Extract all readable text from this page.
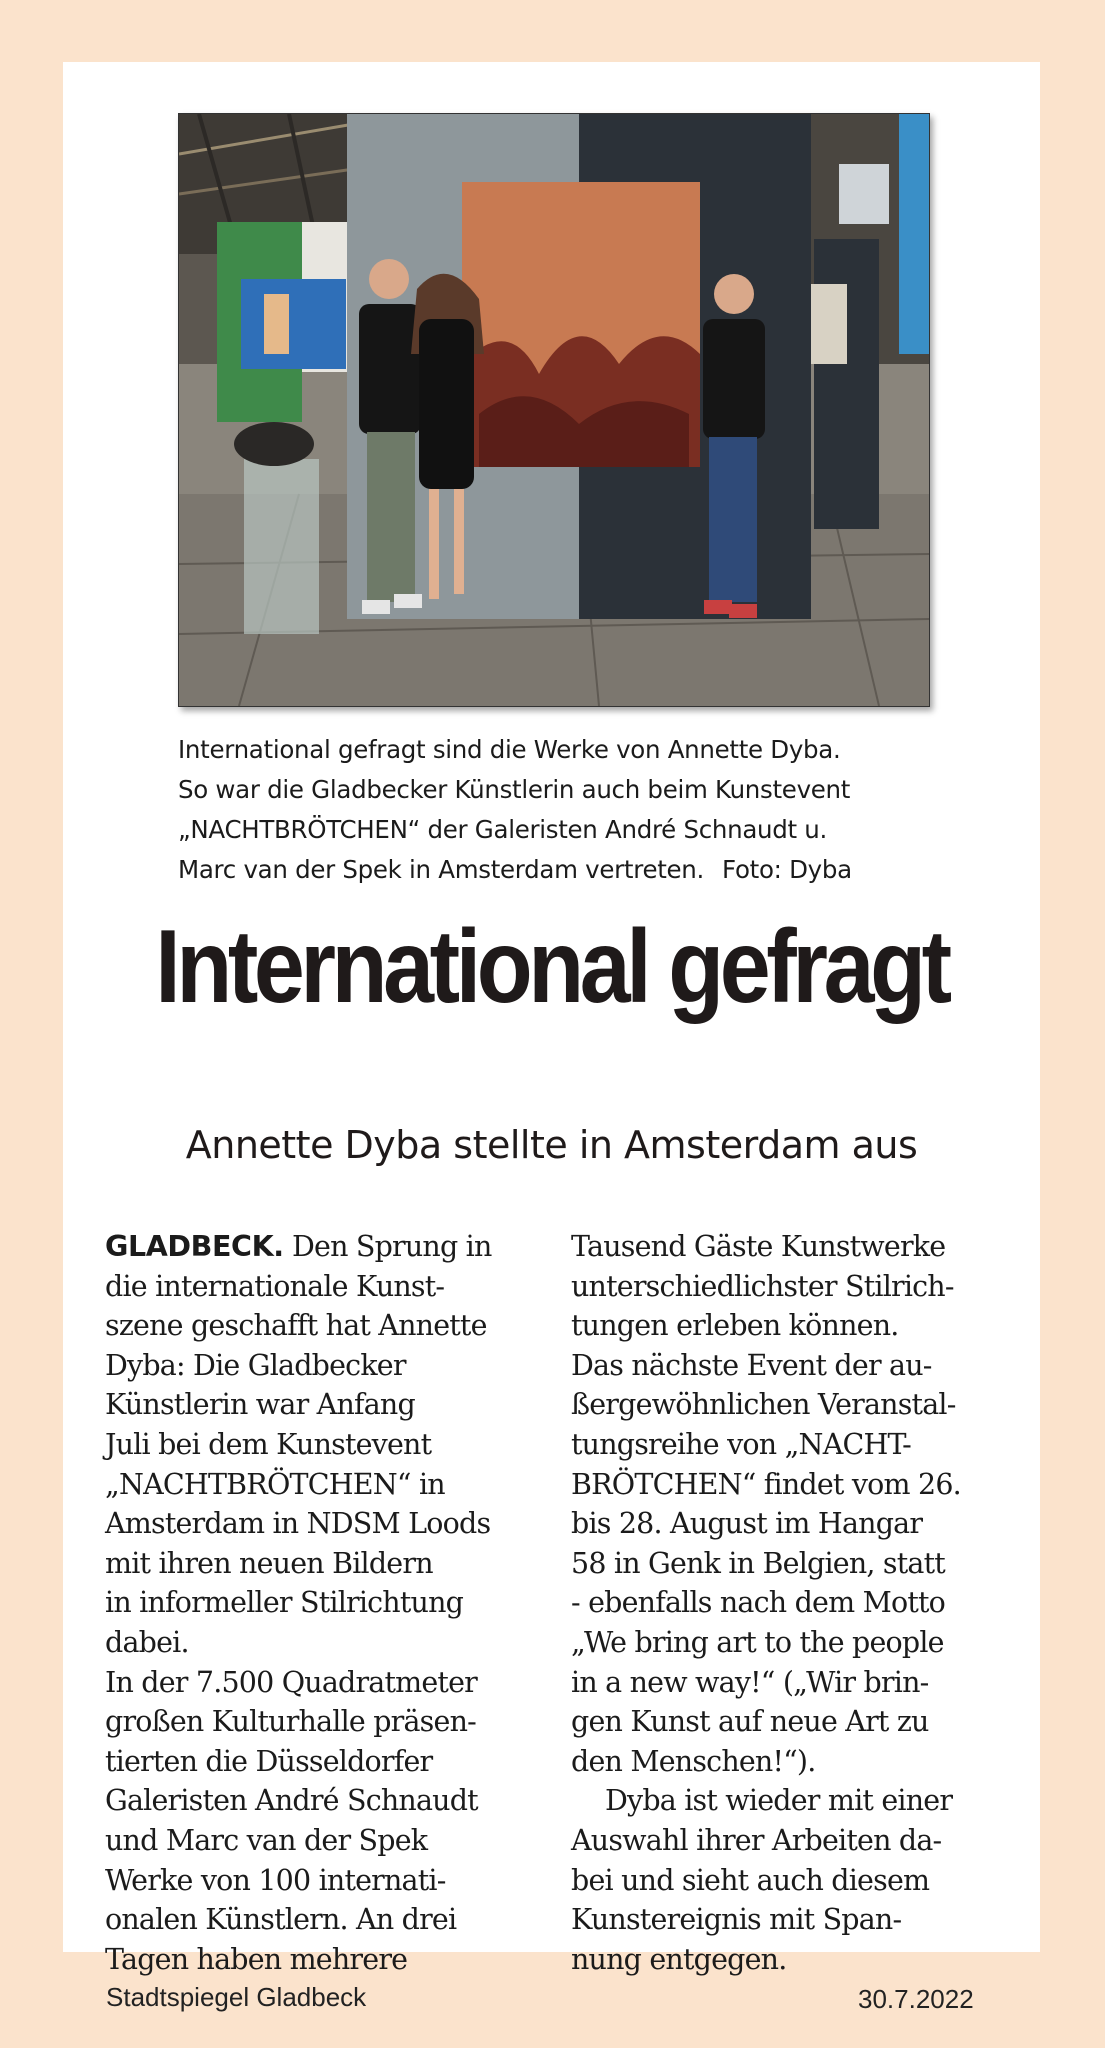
International gefragt sind die Werke von Annette Dyba.
So war die Gladbecker Künstlerin auch beim Kunstevent
„NACHTBRÖTCHEN“ der Galeristen André Schnaudt u.
Marc van der Spek in Amsterdam vertreten. Foto: Dyba
International gefragt
Annette Dyba stellte in Amsterdam aus
GLADBECK. Den Sprung in
die internationale Kunst-
szene geschafft hat Annette
Dyba: Die Gladbecker
Künstlerin war Anfang
Juli bei dem Kunstevent
„NACHTBRÖTCHEN“ in
Amsterdam in NDSM Loods
mit ihren neuen Bildern
in informeller Stilrichtung
dabei.
In der 7.500 Quadratmeter
großen Kulturhalle präsen-
tierten die Düsseldorfer
Galeristen André Schnaudt
und Marc van der Spek
Werke von 100 internati-
onalen Künstlern. An drei
Tagen haben mehrere
Tausend Gäste Kunstwerke
unterschiedlichster Stilrich-
tungen erleben können.
Das nächste Event der au-
ßergewöhnlichen Veranstal-
tungsreihe von „NACHT-
BRÖTCHEN“ findet vom 26.
bis 28. August im Hangar
58 in Genk in Belgien, statt
- ebenfalls nach dem Motto
„We bring art to the people
in a new way!“ („Wir brin-
gen Kunst auf neue Art zu
den Menschen!“).
Dyba ist wieder mit einer
Auswahl ihrer Arbeiten da-
bei und sieht auch diesem
Kunstereignis mit Span-
nung entgegen.
Stadtspiegel Gladbeck	30.7.2022
